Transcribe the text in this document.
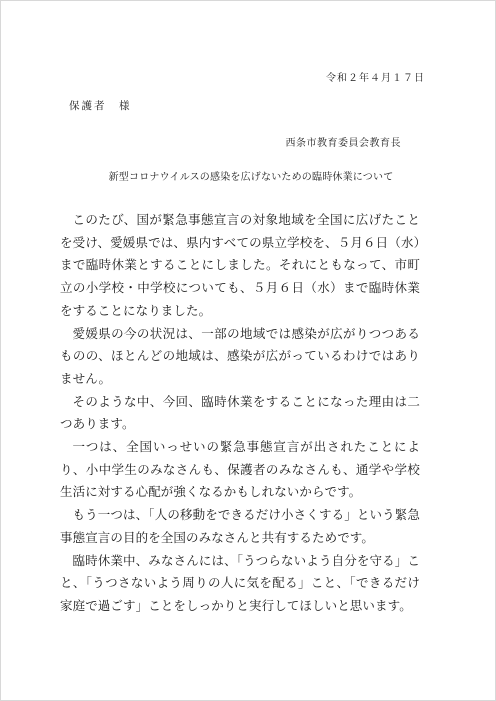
令和２年４月１７日
保護者　様
西条市教育委員会教育長
新型コロナウイルスの感染を広げないための臨時休業について

このたび、国が緊急事態宣言の対象地域を全国に広げたことを受け、愛媛県では、県内すべての県立学校を、５月６日（水）まで臨時休業とすることにしました。それにともなって、市町立の小学校・中学校についても、５月６日（水）まで臨時休業をすることになりました。

愛媛県の今の状況は、一部の地域では感染が広がりつつあるものの、ほとんどの地域は、感染が広がっているわけではありません。

そのような中、今回、臨時休業をすることになった理由は二つあります。

一つは、全国いっせいの緊急事態宣言が出されたことにより、小中学生のみなさんも、保護者のみなさんも、通学や学校生活に対する心配が強くなるかもしれないからです。

もう一つは、「人の移動をできるだけ小さくする」という緊急事態宣言の目的を全国のみなさんと共有するためです。

臨時休業中、みなさんには、「うつらないよう自分を守る」こと、「うつさないよう周りの人に気を配る」こと、「できるだけ家庭で過ごす」ことをしっかりと実行してほしいと思います。
